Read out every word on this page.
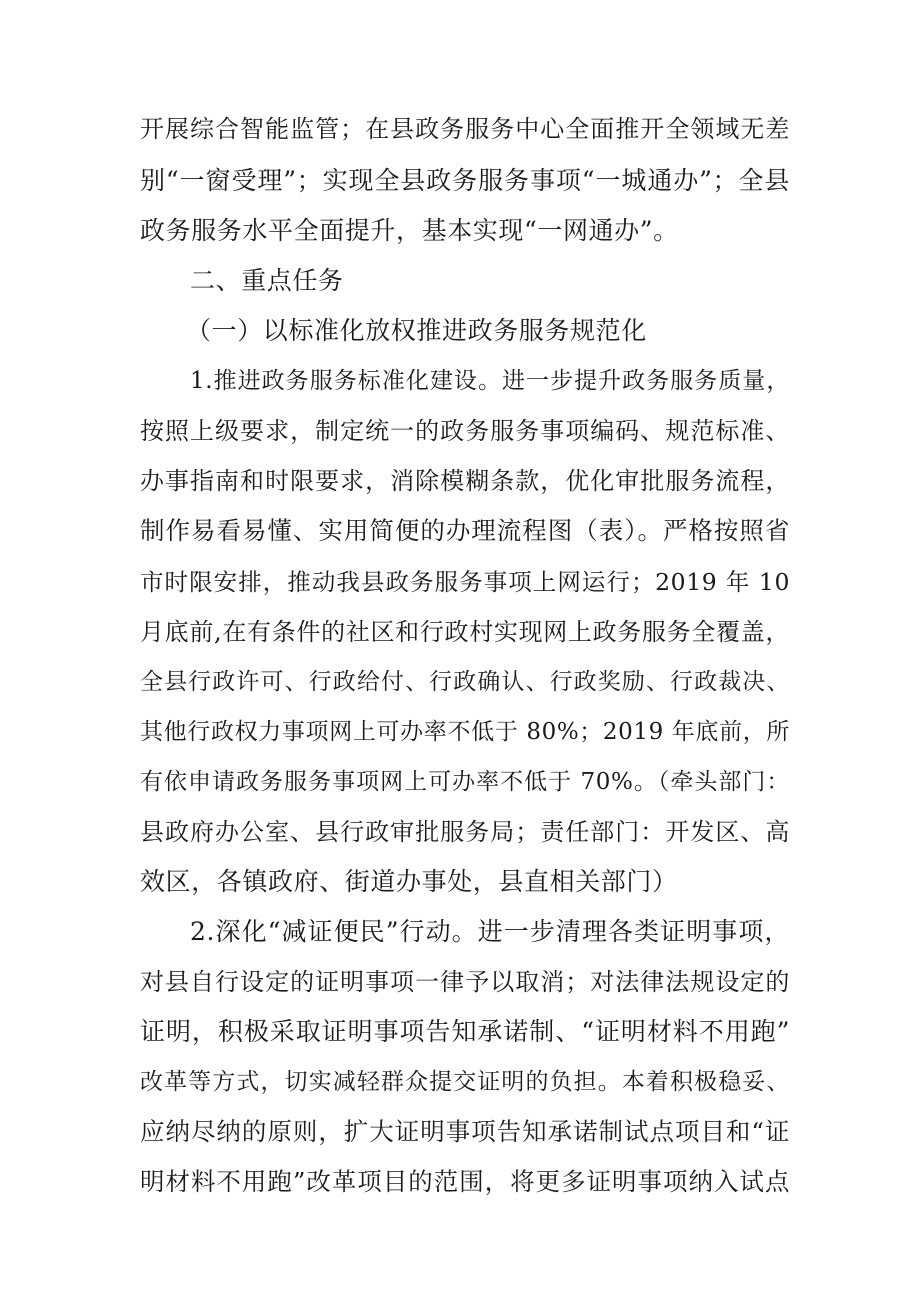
开展综合智能监管；在县政务服务中心全面推开全领域无差
别“一窗受理”；实现全县政务服务事项“一城通办”；全县
政务服务水平全面提升，基本实现“一网通办”。
二、重点任务
（一）以标准化放权推进政务服务规范化
1.推进政务服务标准化建设。进一步提升政务服务质量，
按照上级要求，制定统一的政务服务事项编码、规范标准、
办事指南和时限要求，消除模糊条款，优化审批服务流程，
制作易看易懂、实用简便的办理流程图（表）。严格按照省
市时限安排，推动我县政务服务事项上网运行；2019 年 10
月底前,在有条件的社区和行政村实现网上政务服务全覆盖，
全县行政许可、行政给付、行政确认、行政奖励、行政裁决、
其他行政权力事项网上可办率不低于 80%；2019 年底前，所
有依申请政务服务事项网上可办率不低于 70%。（牵头部门：
县政府办公室、县行政审批服务局；责任部门：开发区、高
效区，各镇政府、街道办事处，县直相关部门）
2.深化“减证便民”行动。进一步清理各类证明事项，
对县自行设定的证明事项一律予以取消；对法律法规设定的
证明，积极采取证明事项告知承诺制、“证明材料不用跑”
改革等方式，切实减轻群众提交证明的负担。本着积极稳妥、
应纳尽纳的原则，扩大证明事项告知承诺制试点项目和“证
明材料不用跑”改革项目的范围，将更多证明事项纳入试点
